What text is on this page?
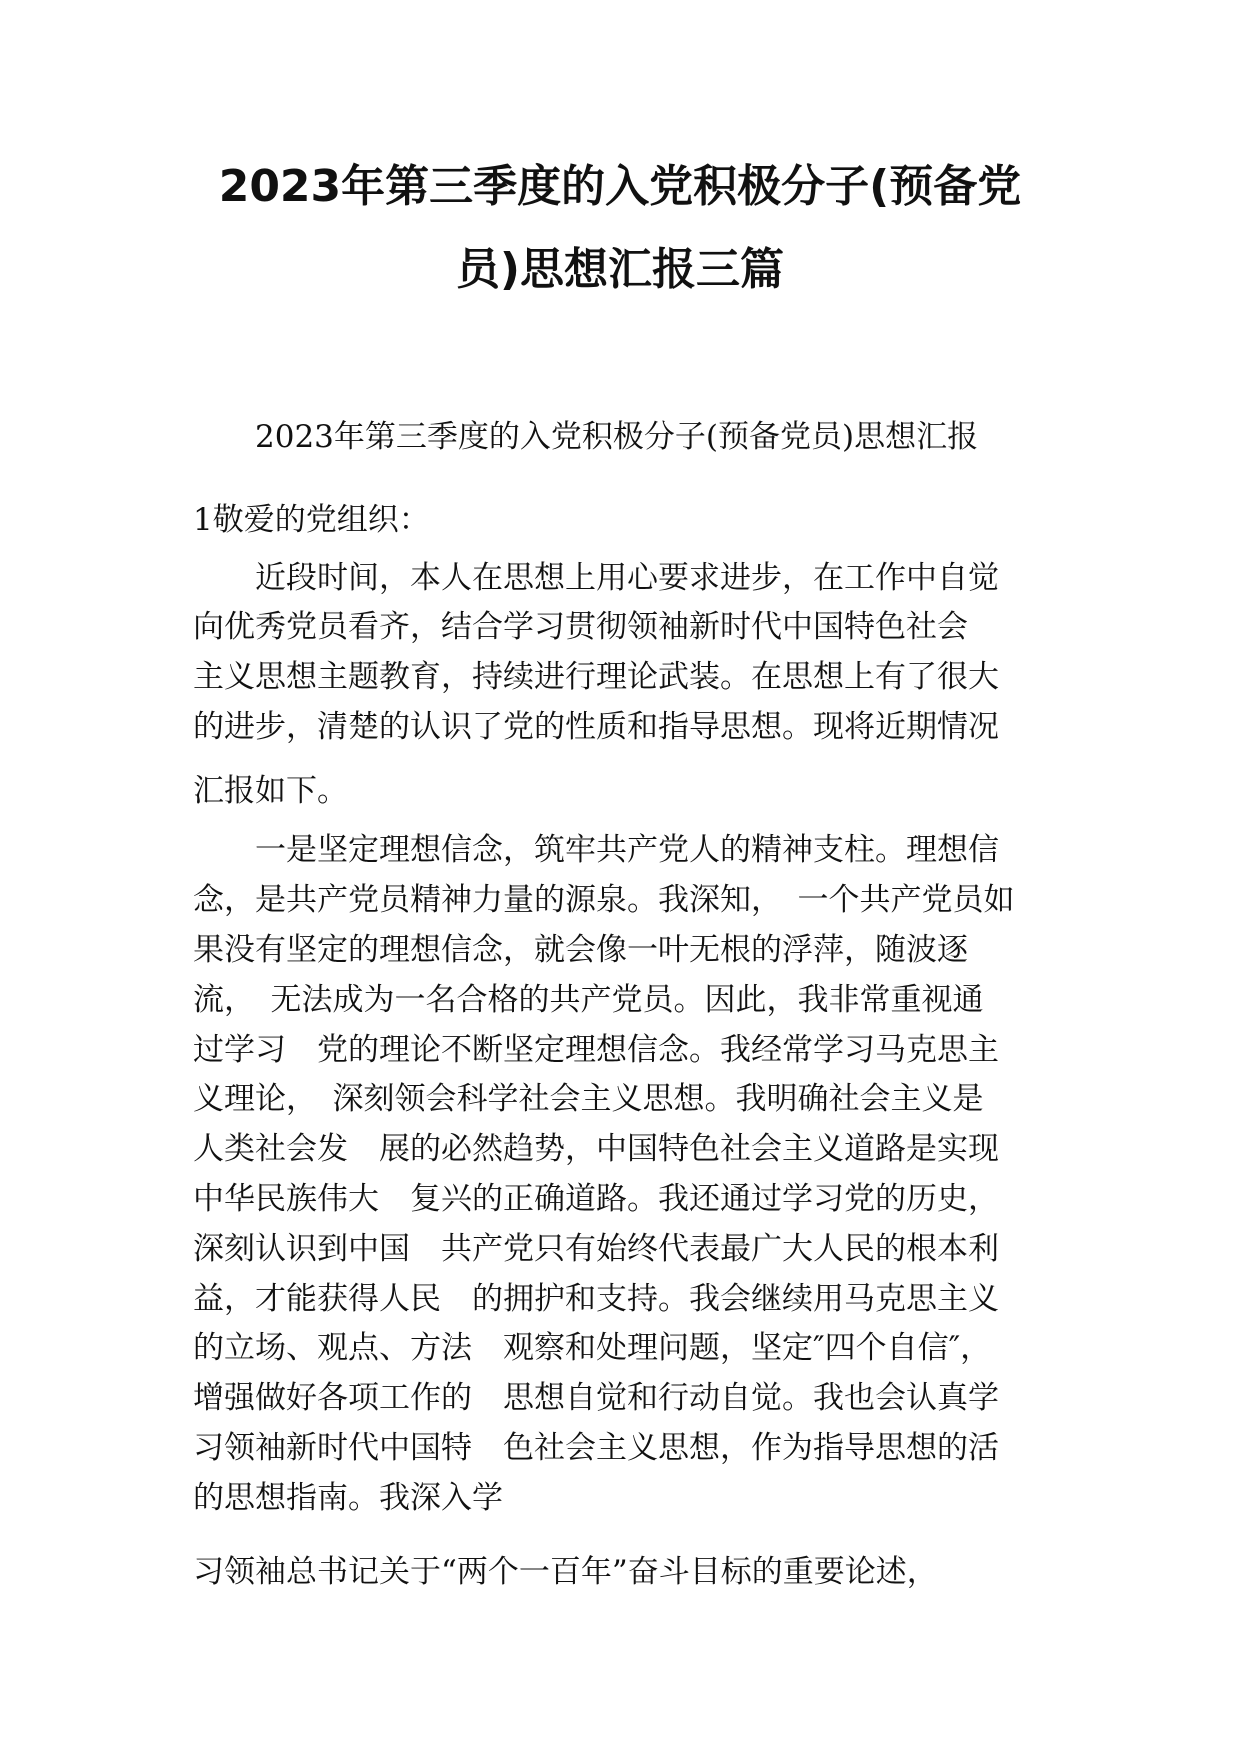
2023年第三季度的入党积极分子(预备党
员)思想汇报三篇
　　2023年第三季度的入党积极分子(预备党员)思想汇报
1敬爱的党组织：
　　近段时间，本人在思想上用心要求进步，在工作中自觉
向优秀党员看齐，结合学习贯彻领袖新时代中国特色社会
主义思想主题教育，持续进行理论武装。在思想上有了很大
的进步，清楚的认识了党的性质和指导思想。现将近期情况
汇报如下。
　　一是坚定理想信念，筑牢共产党人的精神支柱。理想信
念，是共产党员精神力量的源泉。我深知，　一个共产党员如
果没有坚定的理想信念，就会像一叶无根的浮萍，随波逐
流，　无法成为一名合格的共产党员。因此，我非常重视通
过学习　党的理论不断坚定理想信念。我经常学习马克思主
义理论，　深刻领会科学社会主义思想。我明确社会主义是
人类社会发　展的必然趋势，中国特色社会主义道路是实现
中华民族伟大　复兴的正确道路。我还通过学习党的历史，
深刻认识到中国　共产党只有始终代表最广大人民的根本利
益，才能获得人民　的拥护和支持。我会继续用马克思主义
的立场、观点、方法　观察和处理问题，坚定″四个自信″，
增强做好各项工作的　思想自觉和行动自觉。我也会认真学
习领袖新时代中国特　色社会主义思想，作为指导思想的活
的思想指南。我深入学
习领袖总书记关于“两个一百年”奋斗目标的重要论述，
